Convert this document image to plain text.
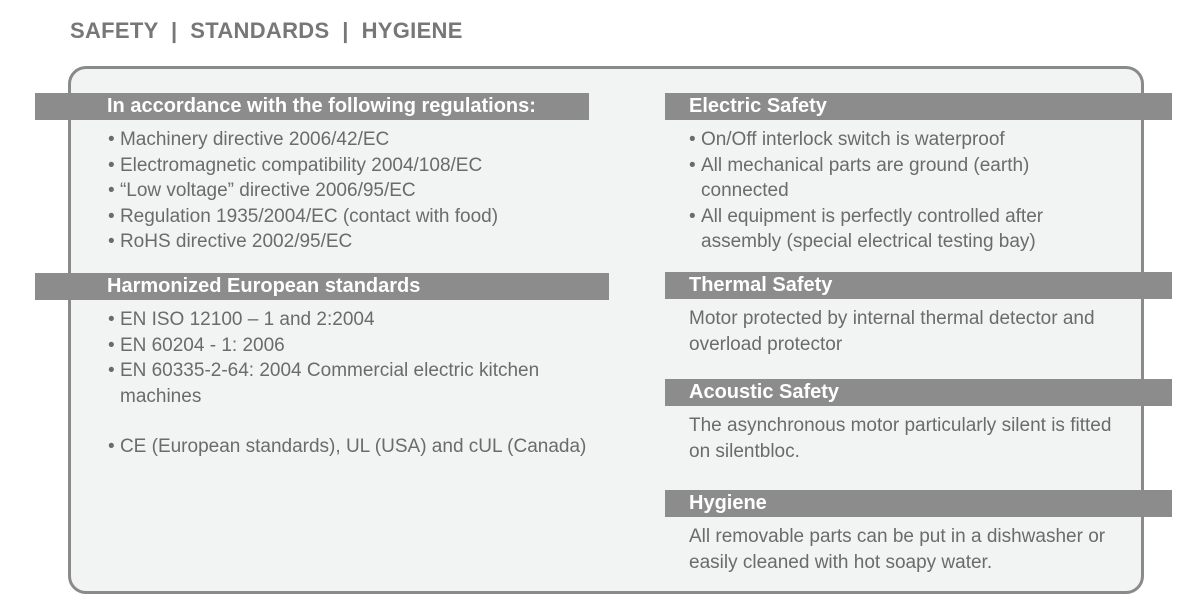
SAFETY  |  STANDARDS  |  HYGIENE
In accordance with the following regulations:
• Machinery directive 2006/42/EC
• Electromagnetic compatibility 2004/108/EC
• “Low voltage” directive 2006/95/EC
• Regulation 1935/2004/EC (contact with food)
• RoHS directive 2002/95/EC
Harmonized European standards
• EN ISO 12100 – 1 and 2:2004
• EN 60204 - 1: 2006
• EN 60335-2-64: 2004 Commercial electric kitchen machines
• CE (European standards), UL (USA) and cUL (Canada)
Electric Safety
• On/Off interlock switch is waterproof
• All mechanical parts are ground (earth) connected
• All equipment is perfectly controlled after assembly (special electrical testing bay)
Thermal Safety

Motor protected by internal thermal detector and overload protector

Acoustic Safety

The asynchronous motor particularly silent is fitted on silentbloc.

Hygiene

All removable parts can be put in a dishwasher or easily cleaned with hot soapy water.
